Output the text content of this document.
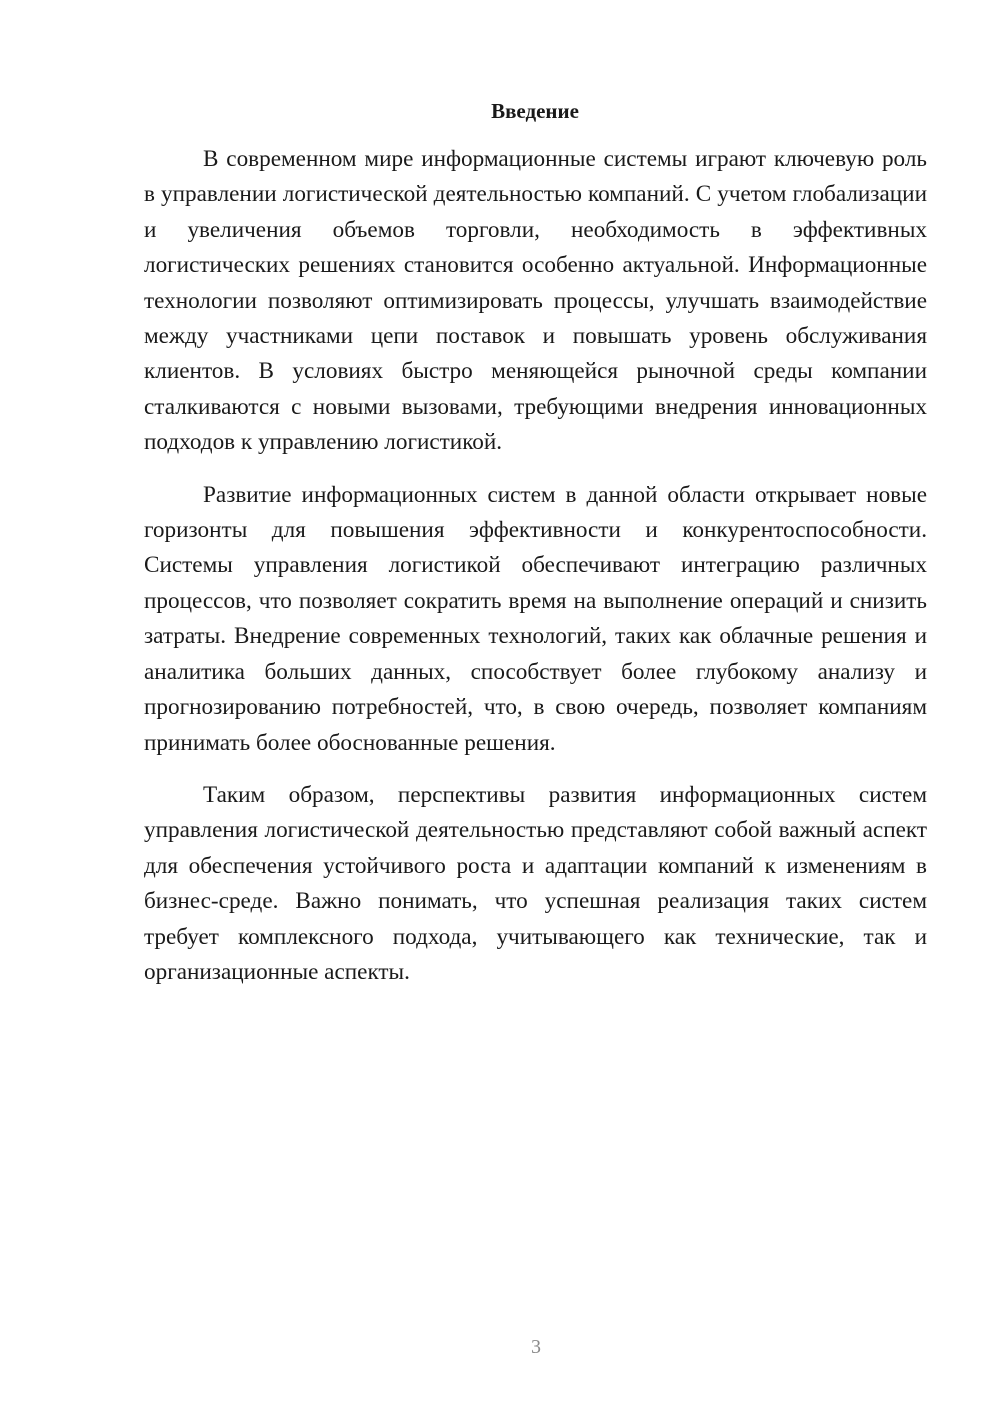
Введение

В современном мире информационные системы играют ключевую роль в управлении логистической деятельностью компаний. С учетом глобализации и увеличения объемов торговли, необходимость в эффективных логистических решениях становится особенно актуальной. Информационные технологии позволяют оптимизировать процессы, улучшать взаимодействие между участниками цепи поставок и повышать уровень обслуживания клиентов. В условиях быстро меняющейся рыночной среды компании сталкиваются с новыми вызовами, требующими внедрения инновационных подходов к управлению логистикой.

Развитие информационных систем в данной области открывает новые горизонты для повышения эффективности и конкурентоспособности. Системы управления логистикой обеспечивают интеграцию различных процессов, что позволяет сократить время на выполнение операций и снизить затраты. Внедрение современных технологий, таких как облачные решения и аналитика больших данных, способствует более глубокому анализу и прогнозированию потребностей, что, в свою очередь, позволяет компаниям принимать более обоснованные решения.

Таким образом, перспективы развития информационных систем управления логистической деятельностью представляют собой важный аспект для обеспечения устойчивого роста и адаптации компаний к изменениям в бизнес-среде. Важно понимать, что успешная реализация таких систем требует комплексного подхода, учитывающего как технические, так и организационные аспекты.

3
